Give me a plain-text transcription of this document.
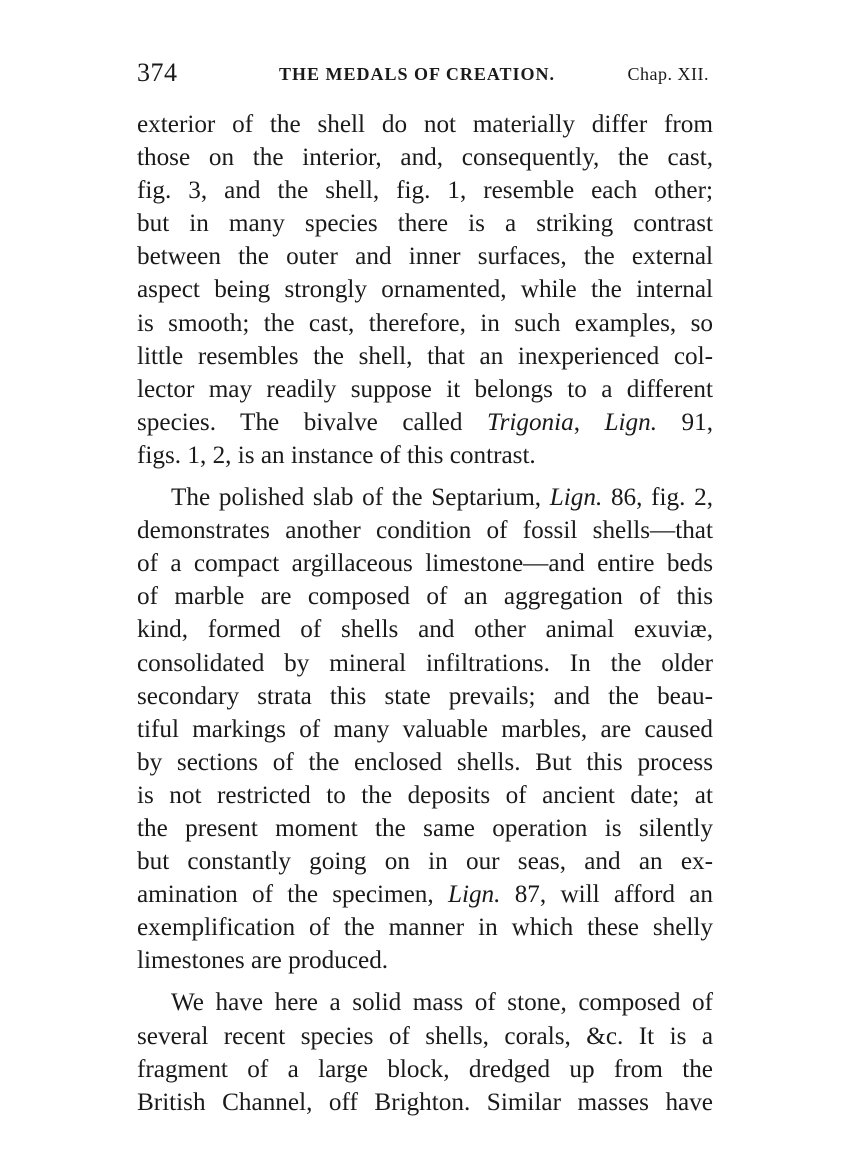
374	THE MEDALS OF CREATION.	Chap. XII.
exterior of the shell do not materially differ from
those on the interior, and, consequently, the cast,
fig. 3, and the shell, fig. 1, resemble each other;
but in many species there is a striking contrast
between the outer and inner surfaces, the external
aspect being strongly ornamented, while the internal
is smooth; the cast, therefore, in such examples, so
little resembles the shell, that an inexperienced col-
lector may readily suppose it belongs to a different
species. The bivalve called Trigonia, Lign. 91,
figs. 1, 2, is an instance of this contrast.
The polished slab of the Septarium, Lign. 86, fig. 2,
demonstrates another condition of fossil shells—that
of a compact argillaceous limestone—and entire beds
of marble are composed of an aggregation of this
kind, formed of shells and other animal exuviæ,
consolidated by mineral infiltrations. In the older
secondary strata this state prevails; and the beau-
tiful markings of many valuable marbles, are caused
by sections of the enclosed shells. But this process
is not restricted to the deposits of ancient date; at
the present moment the same operation is silently
but constantly going on in our seas, and an ex-
amination of the specimen, Lign. 87, will afford an
exemplification of the manner in which these shelly
limestones are produced.
We have here a solid mass of stone, composed of
several recent species of shells, corals, &c. It is a
fragment of a large block, dredged up from the
British Channel, off Brighton. Similar masses have
